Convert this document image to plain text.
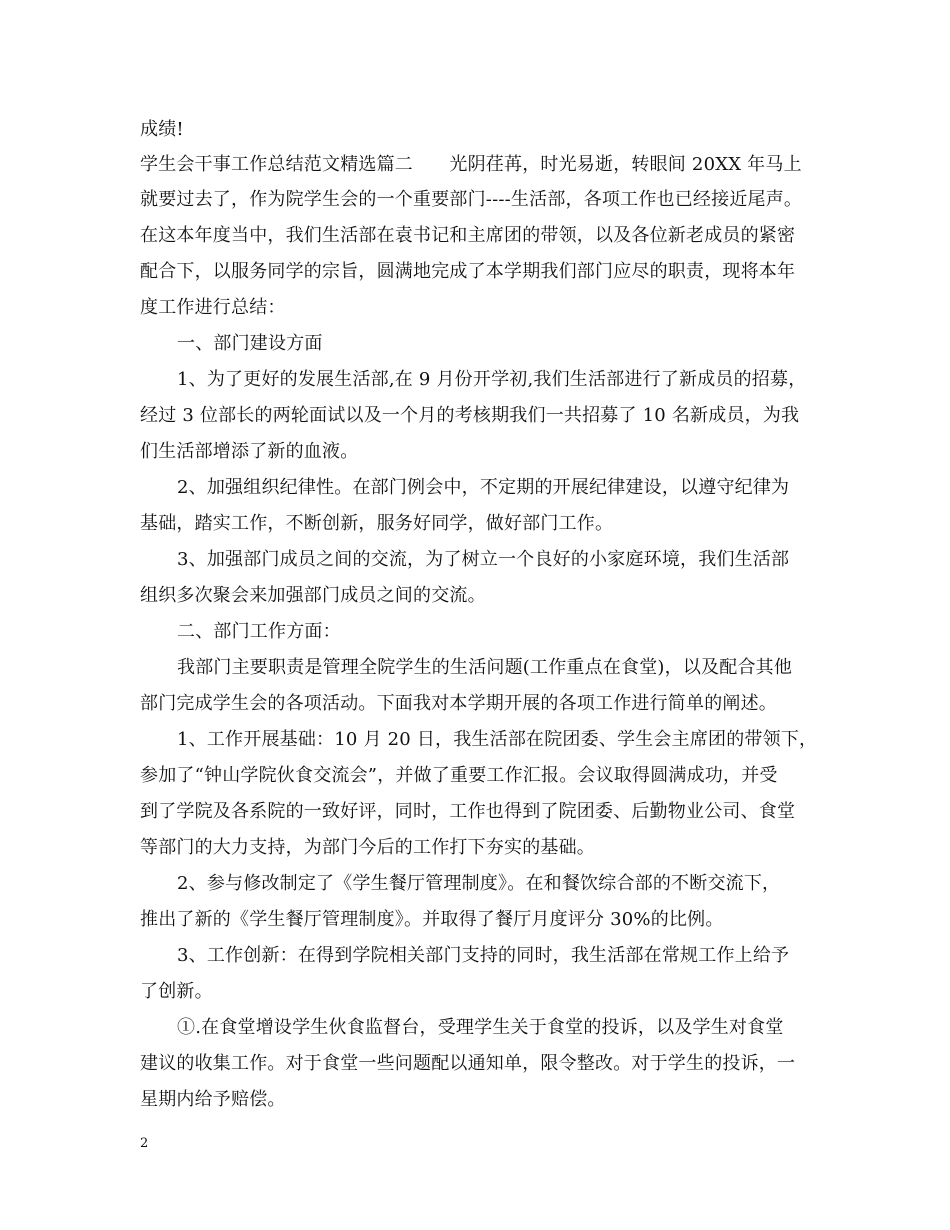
成绩!
学生会干事工作总结范文精选篇二　　光阴荏苒，时光易逝，转眼间 20XX 年马上
就要过去了，作为院学生会的一个重要部门----生活部，各项工作也已经接近尾声。
在这本年度当中，我们生活部在袁书记和主席团的带领，以及各位新老成员的紧密
配合下，以服务同学的宗旨，圆满地完成了本学期我们部门应尽的职责，现将本年
度工作进行总结：
一、部门建设方面
1、为了更好的发展生活部,在 9 月份开学初,我们生活部进行了新成员的招募，
经过 3 位部长的两轮面试以及一个月的考核期我们一共招募了 10 名新成员，为我
们生活部增添了新的血液。
2、加强组织纪律性。在部门例会中，不定期的开展纪律建设，以遵守纪律为
基础，踏实工作，不断创新，服务好同学，做好部门工作。
3、加强部门成员之间的交流，为了树立一个良好的小家庭环境，我们生活部
组织多次聚会来加强部门成员之间的交流。
二、部门工作方面：
我部门主要职责是管理全院学生的生活问题(工作重点在食堂)，以及配合其他
部门完成学生会的各项活动。下面我对本学期开展的各项工作进行简单的阐述。
1、工作开展基础：10 月 20 日，我生活部在院团委、学生会主席团的带领下，
参加了“钟山学院伙食交流会”，并做了重要工作汇报。会议取得圆满成功，并受
到了学院及各系院的一致好评，同时，工作也得到了院团委、后勤物业公司、食堂
等部门的大力支持，为部门今后的工作打下夯实的基础。
2、参与修改制定了《学生餐厅管理制度》。在和餐饮综合部的不断交流下，
推出了新的《学生餐厅管理制度》。并取得了餐厅月度评分 30%的比例。
3、工作创新：在得到学院相关部门支持的同时，我生活部在常规工作上给予
了创新。
①.在食堂增设学生伙食监督台，受理学生关于食堂的投诉，以及学生对食堂
建议的收集工作。对于食堂一些问题配以通知单，限令整改。对于学生的投诉，一
星期内给予赔偿。
2
